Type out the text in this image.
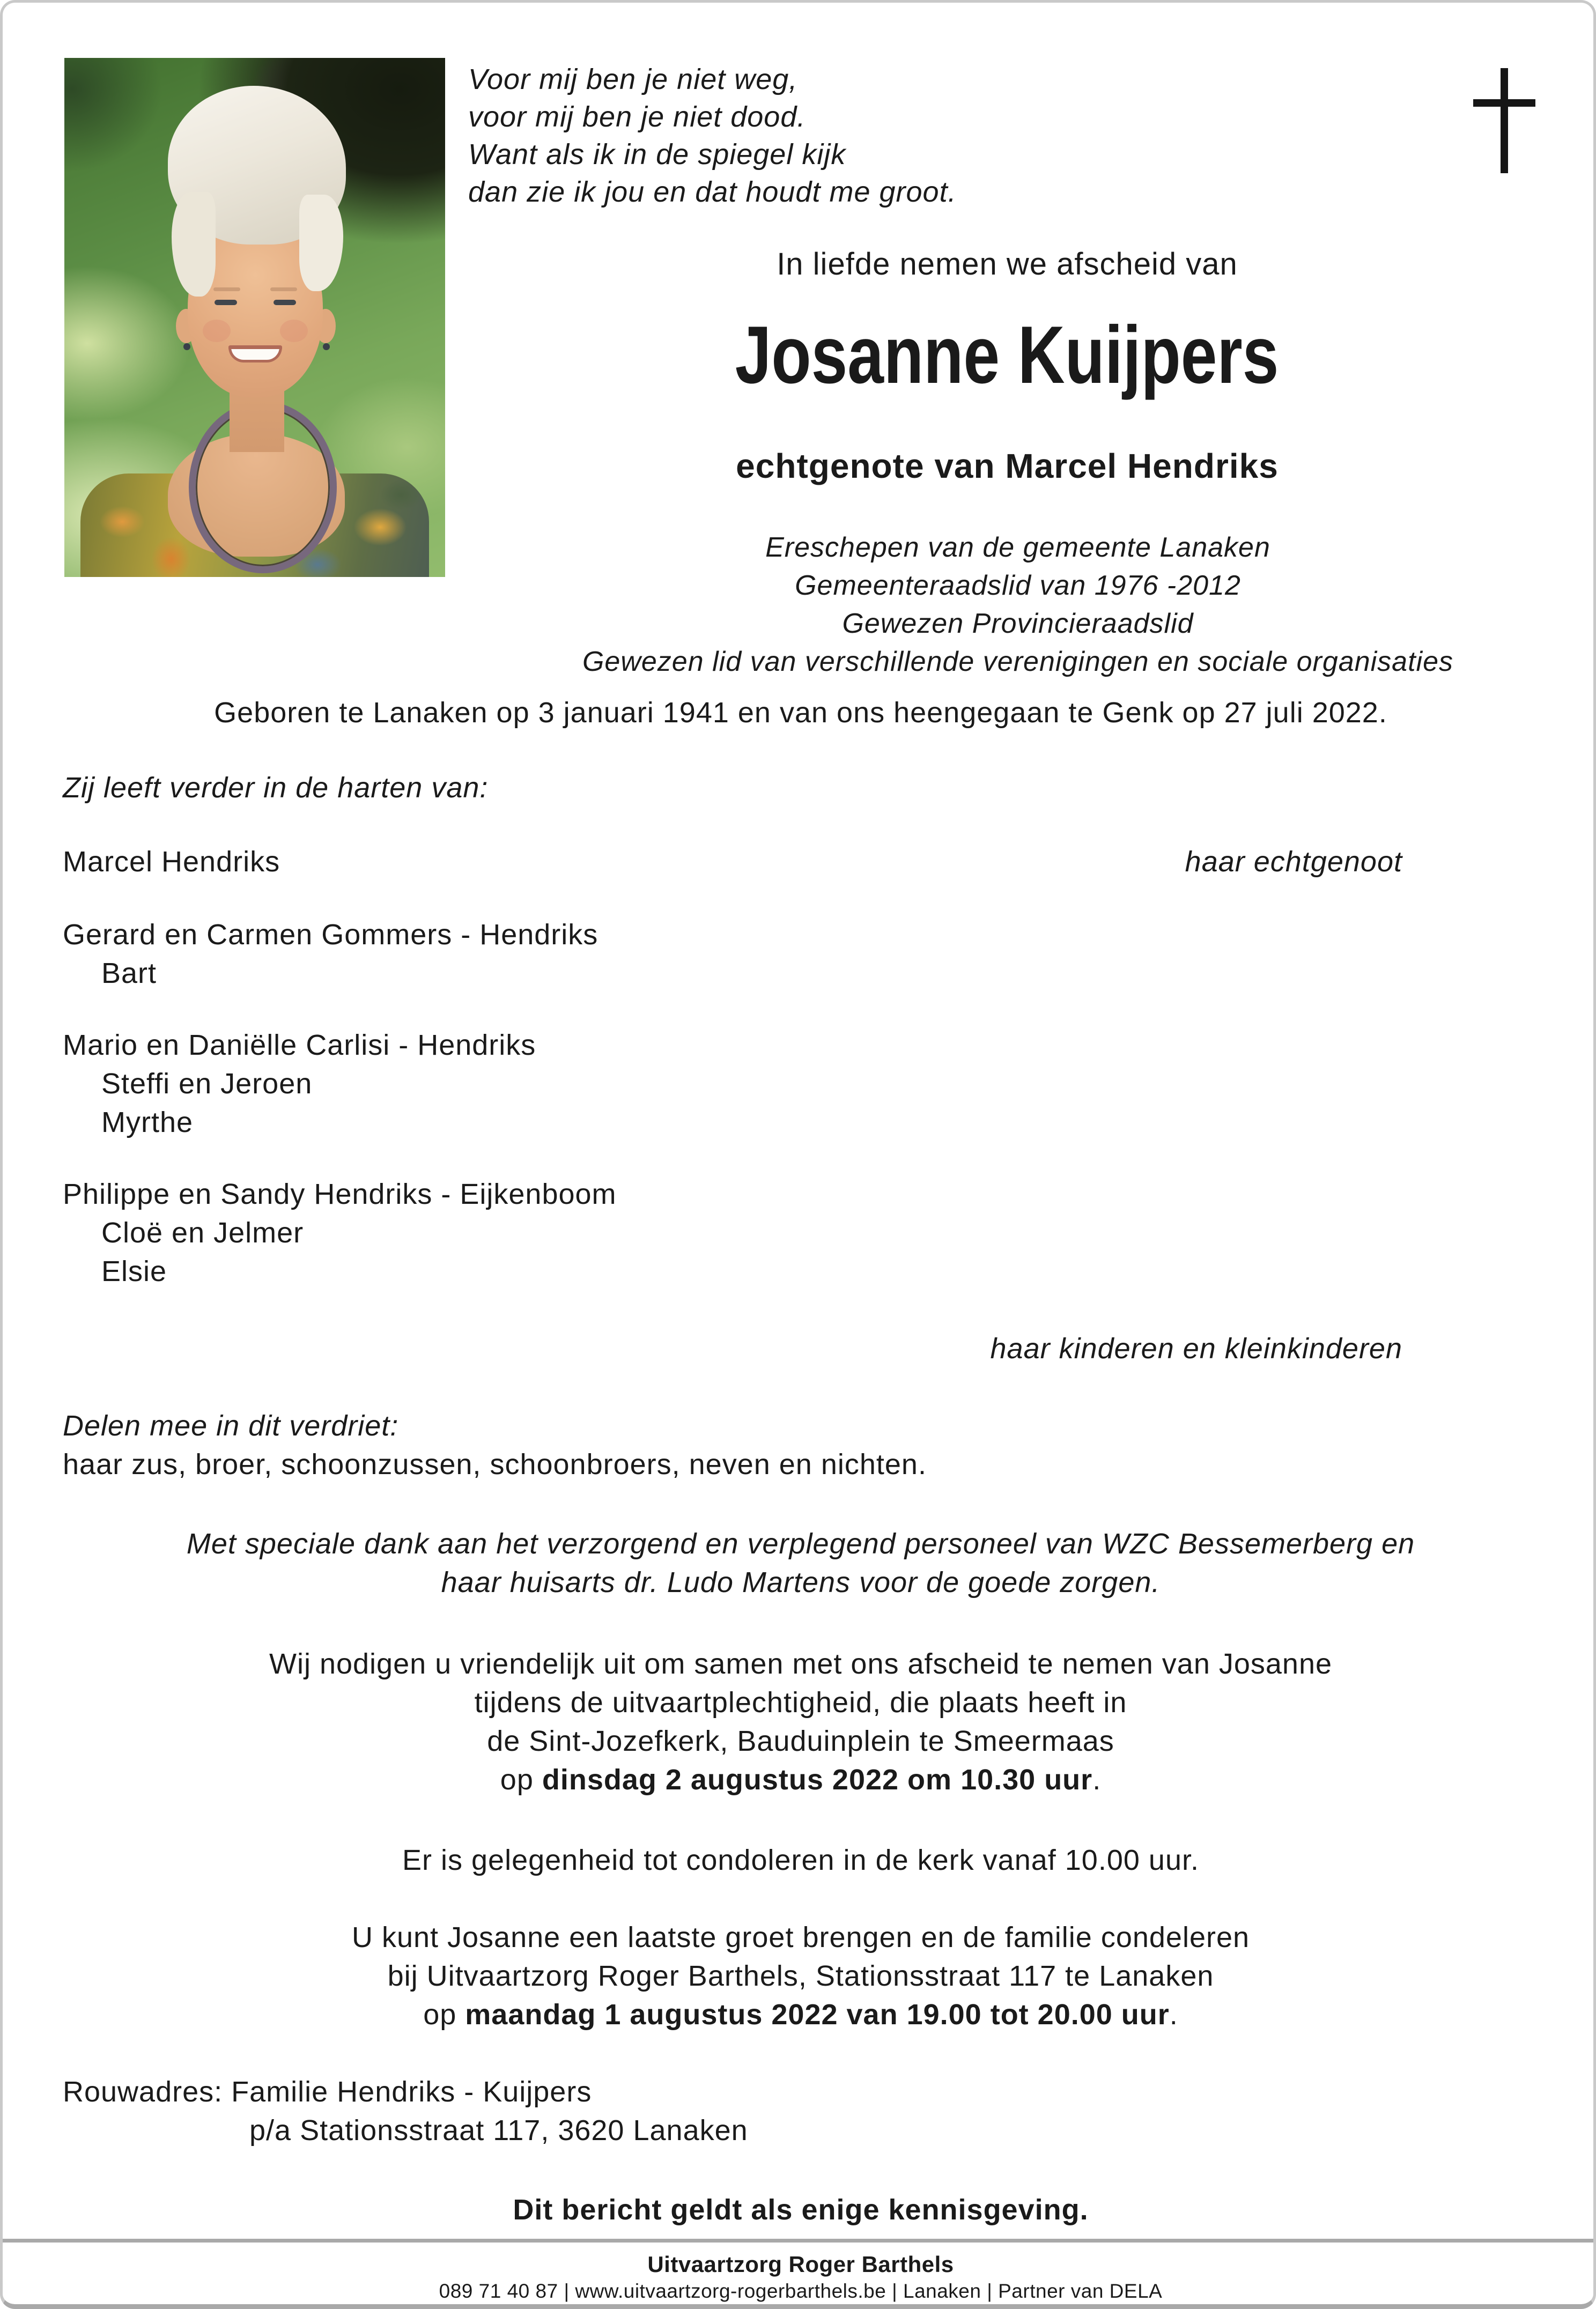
Voor mij ben je niet weg,
voor mij ben je niet dood.
Want als ik in de spiegel kijk
dan zie ik jou en dat houdt me groot.
In liefde nemen we afscheid van
Josanne Kuijpers
echtgenote van Marcel Hendriks
Ereschepen van de gemeente Lanaken
Gemeenteraadslid van 1976 -2012
Gewezen Provincieraadslid
Gewezen lid van verschillende verenigingen en sociale organisaties
Geboren te Lanaken op 3 januari 1941 en van ons heengegaan te Genk op 27 juli 2022.
Zij leeft verder in de harten van:
Marcel Hendriks	haar echtgenoot
Gerard en Carmen Gommers - Hendriks
Bart
Mario en Daniëlle Carlisi - Hendriks
Steffi en Jeroen
Myrthe
Philippe en Sandy Hendriks - Eijkenboom
Cloë en Jelmer
Elsie
haar kinderen en kleinkinderen
Delen mee in dit verdriet:
haar zus, broer, schoonzussen, schoonbroers, neven en nichten.
Met speciale dank aan het verzorgend en verplegend personeel van WZC Bessemerberg en
haar huisarts dr. Ludo Martens voor de goede zorgen.
Wij nodigen u vriendelijk uit om samen met ons afscheid te nemen van Josanne
tijdens de uitvaartplechtigheid, die plaats heeft in
de Sint-Jozefkerk, Bauduinplein te Smeermaas
op dinsdag 2 augustus 2022 om 10.30 uur.
Er is gelegenheid tot condoleren in de kerk vanaf 10.00 uur.
U kunt Josanne een laatste groet brengen en de familie condeleren
bij Uitvaartzorg Roger Barthels, Stationsstraat 117 te Lanaken
op maandag 1 augustus 2022 van 19.00 tot 20.00 uur.
Rouwadres: Familie Hendriks - Kuijpers
p/a Stationsstraat 117, 3620 Lanaken
Dit bericht geldt als enige kennisgeving.
Uitvaartzorg Roger Barthels
089 71 40 87 | www.uitvaartzorg-rogerbarthels.be | Lanaken | Partner van DELA
